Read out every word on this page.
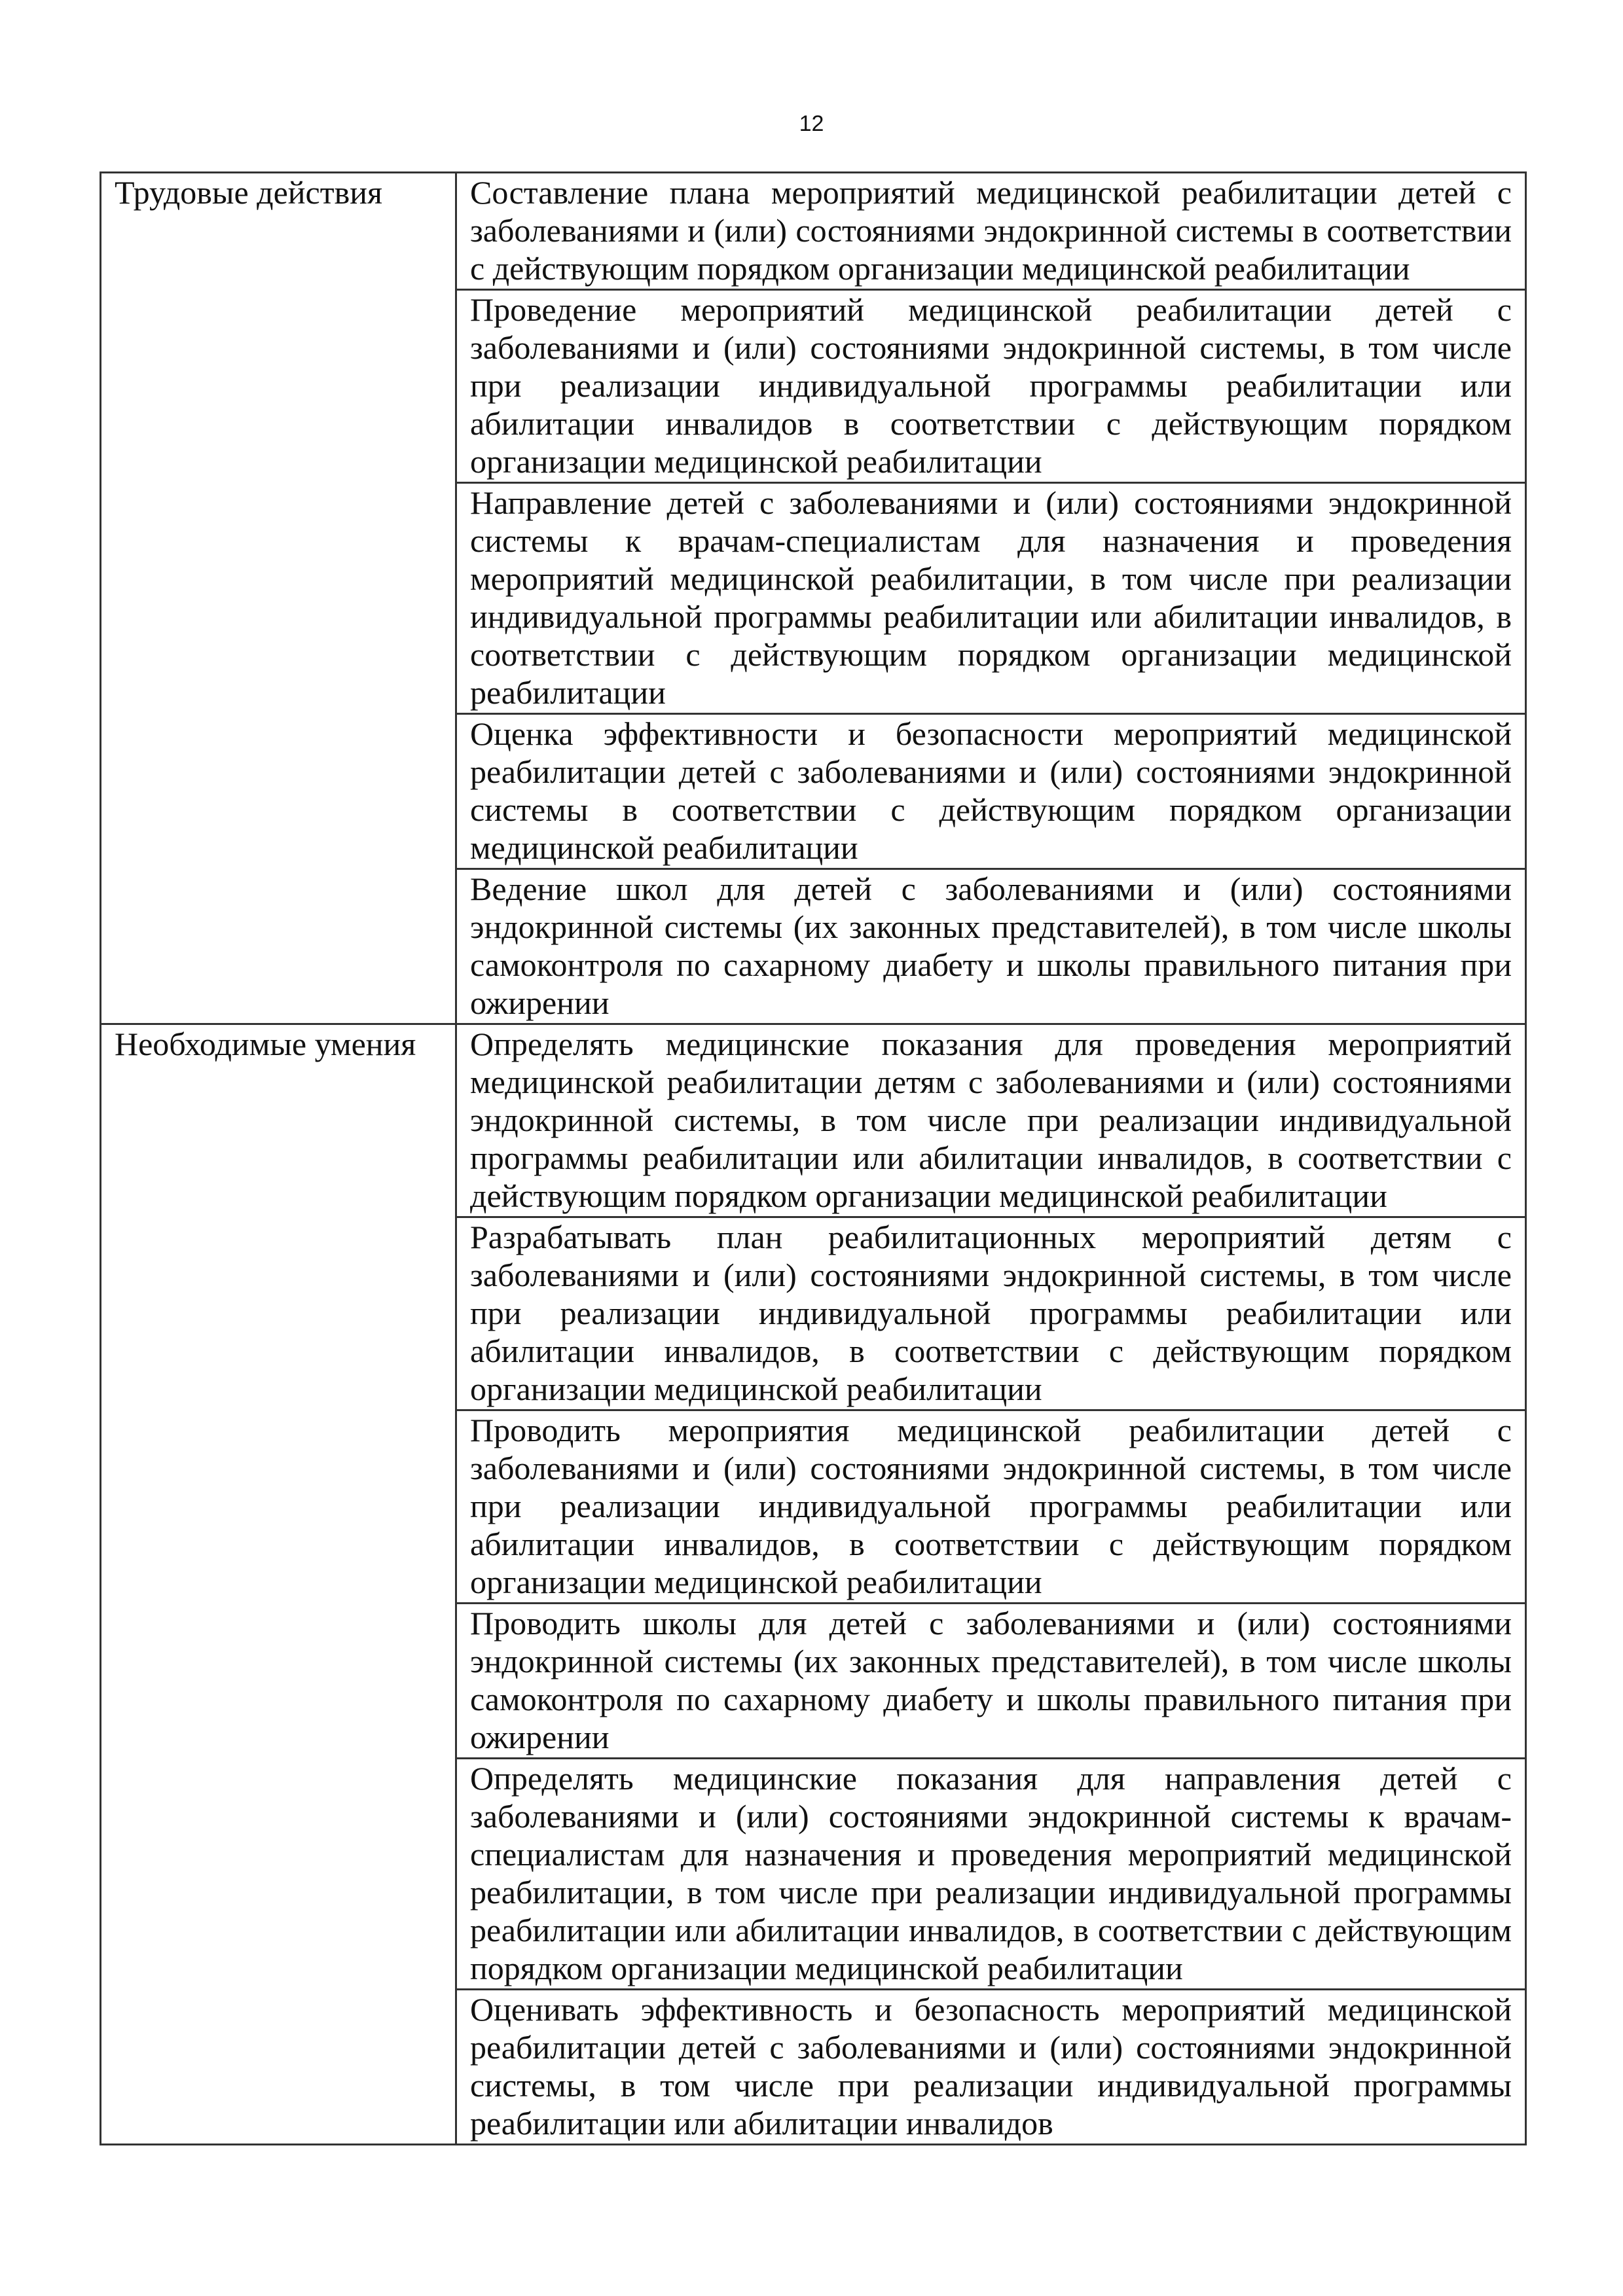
12
Трудовые действия	Составление плана мероприятий медицинской реабилитации детей с заболеваниями и (или) состояниями эндокринной системы в соответствии с действующим порядком организации медицинской реабилитации
	Проведение мероприятий медицинской реабилитации детей с заболеваниями и (или) состояниями эндокринной системы, в том числе при реализации индивидуальной программы реабилитации или абилитации инвалидов в соответствии с действующим порядком организации медицинской реабилитации
	Направление детей с заболеваниями и (или) состояниями эндокринной системы к врачам-специалистам для назначения и проведения мероприятий медицинской реабилитации, в том числе при реализации индивидуальной программы реабилитации или абилитации инвалидов, в соответствии с действующим порядком организации медицинской реабилитации
	Оценка эффективности и безопасности мероприятий медицинской реабилитации детей с заболеваниями и (или) состояниями эндокринной системы в соответствии с действующим порядком организации медицинской реабилитации
	Ведение школ для детей с заболеваниями и (или) состояниями эндокринной системы (их законных представителей), в том числе школы самоконтроля по сахарному диабету и школы правильного питания при ожирении
Необходимые умения	Определять медицинские показания для проведения мероприятий медицинской реабилитации детям с заболеваниями и (или) состояниями эндокринной системы, в том числе при реализации индивидуальной программы реабилитации или абилитации инвалидов, в соответствии с действующим порядком организации медицинской реабилитации
	Разрабатывать план реабилитационных мероприятий детям с заболеваниями и (или) состояниями эндокринной системы, в том числе при реализации индивидуальной программы реабилитации или абилитации инвалидов, в соответствии с действующим порядком организации медицинской реабилитации
	Проводить мероприятия медицинской реабилитации детей с заболеваниями и (или) состояниями эндокринной системы, в том числе при реализации индивидуальной программы реабилитации или абилитации инвалидов, в соответствии с действующим порядком организации медицинской реабилитации
	Проводить школы для детей с заболеваниями и (или) состояниями эндокринной системы (их законных представителей), в том числе школы самоконтроля по сахарному диабету и школы правильного питания при ожирении
	Определять медицинские показания для направления детей с заболеваниями и (или) состояниями эндокринной системы к врачам-специалистам для назначения и проведения мероприятий медицинской реабилитации, в том числе при реализации индивидуальной программы реабилитации или абилитации инвалидов, в соответствии с действующим порядком организации медицинской реабилитации
	Оценивать эффективность и безопасность мероприятий медицинской реабилитации детей с заболеваниями и (или) состояниями эндокринной системы, в том числе при реализации индивидуальной программы реабилитации или абилитации инвалидов
